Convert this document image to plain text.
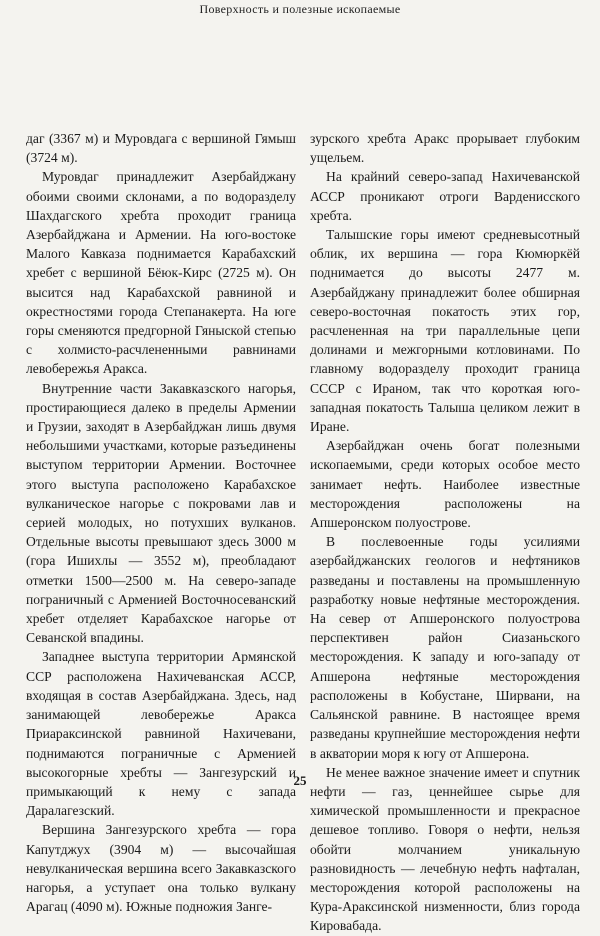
Поверхность и полезные ископаемые

даг (3367 м) и Муровдага с вершиной Гямыш (3724 м).

Муровдаг принадлежит Азербайджану обоими своими склонами, а по водоразделу Шахдагского хребта проходит граница Азербайджана и Армении. На юго-востоке Малого Кавказа поднимается Карабахский хребет с вершиной Бёюк-Кирс (2725 м). Он высится над Карабахской равниной и окрестностями города Степанакерта. На юге горы сменяются предгорной Гяныской степью с холмисто-расчлененными равнинами левобережья Аракса.

Внутренние части Закавказского нагорья, простирающиеся далеко в пределы Армении и Грузии, заходят в Азербайджан лишь двумя небольшими участками, которые разъединены выступом территории Армении. Восточнее этого выступа расположено Карабахское вулканическое нагорье с покровами лав и серией молодых, но потухших вулканов. Отдельные высоты превышают здесь 3000 м (гора Ишихлы — 3552 м), преобладают отметки 1500—2500 м. На северо-западе пограничный с Арменией Восточносеванский хребет отделяет Карабахское нагорье от Севанской впадины.

Западнее выступа территории Армянской ССР расположена Нахичеванская АССР, входящая в состав Азербайджана. Здесь, над занимающей левобережье Аракса Приараксинской равниной Нахичевани, поднимаются пограничные с Арменией высокогорные хребты — Зангезурский и примыкающий к нему с запада Даралагезский.

Вершина Зангезурского хребта — гора Капутджух (3904 м) — высочайшая невулканическая вершина всего Закавказского нагорья, а уступает она только вулкану Арагац (4090 м). Южные подножия Занге-

зурского хребта Аракс прорывает глубоким ущельем.

На крайний северо-запад Нахичеванской АССР проникают отроги Варденисского хребта.

Талышские горы имеют средневысотный облик, их вершина — гора Кюмюркёй поднимается до высоты 2477 м. Азербайджану принадлежит более обширная северо-восточная покатость этих гор, расчлененная на три параллельные цепи долинами и межгорными котловинами. По главному водоразделу проходит граница СССР с Ираном, так что короткая юго-западная покатость Талыша целиком лежит в Иране.

Азербайджан очень богат полезными ископаемыми, среди которых особое место занимает нефть. Наиболее известные месторождения расположены на Апшеронском полуострове.

В послевоенные годы усилиями азербайджанских геологов и нефтяников разведаны и поставлены на промышленную разработку новые нефтяные месторождения. На север от Апшеронского полуострова перспективен район Сиазаньского месторождения. К западу и юго-западу от Апшерона нефтяные месторождения расположены в Кобустане, Ширвани, на Сальянской равнине. В настоящее время разведаны крупнейшие месторождения нефти в акватории моря к югу от Апшерона.

Не менее важное значение имеет и спутник нефти — газ, ценнейшее сырье для химической промышленности и прекрасное дешевое топливо. Говоря о нефти, нельзя обойти молчанием уникальную разновидность — лечебную нефть нафталан, месторождения которой расположены на Кура-Араксинской низменности, близ города Кировабада.

25
